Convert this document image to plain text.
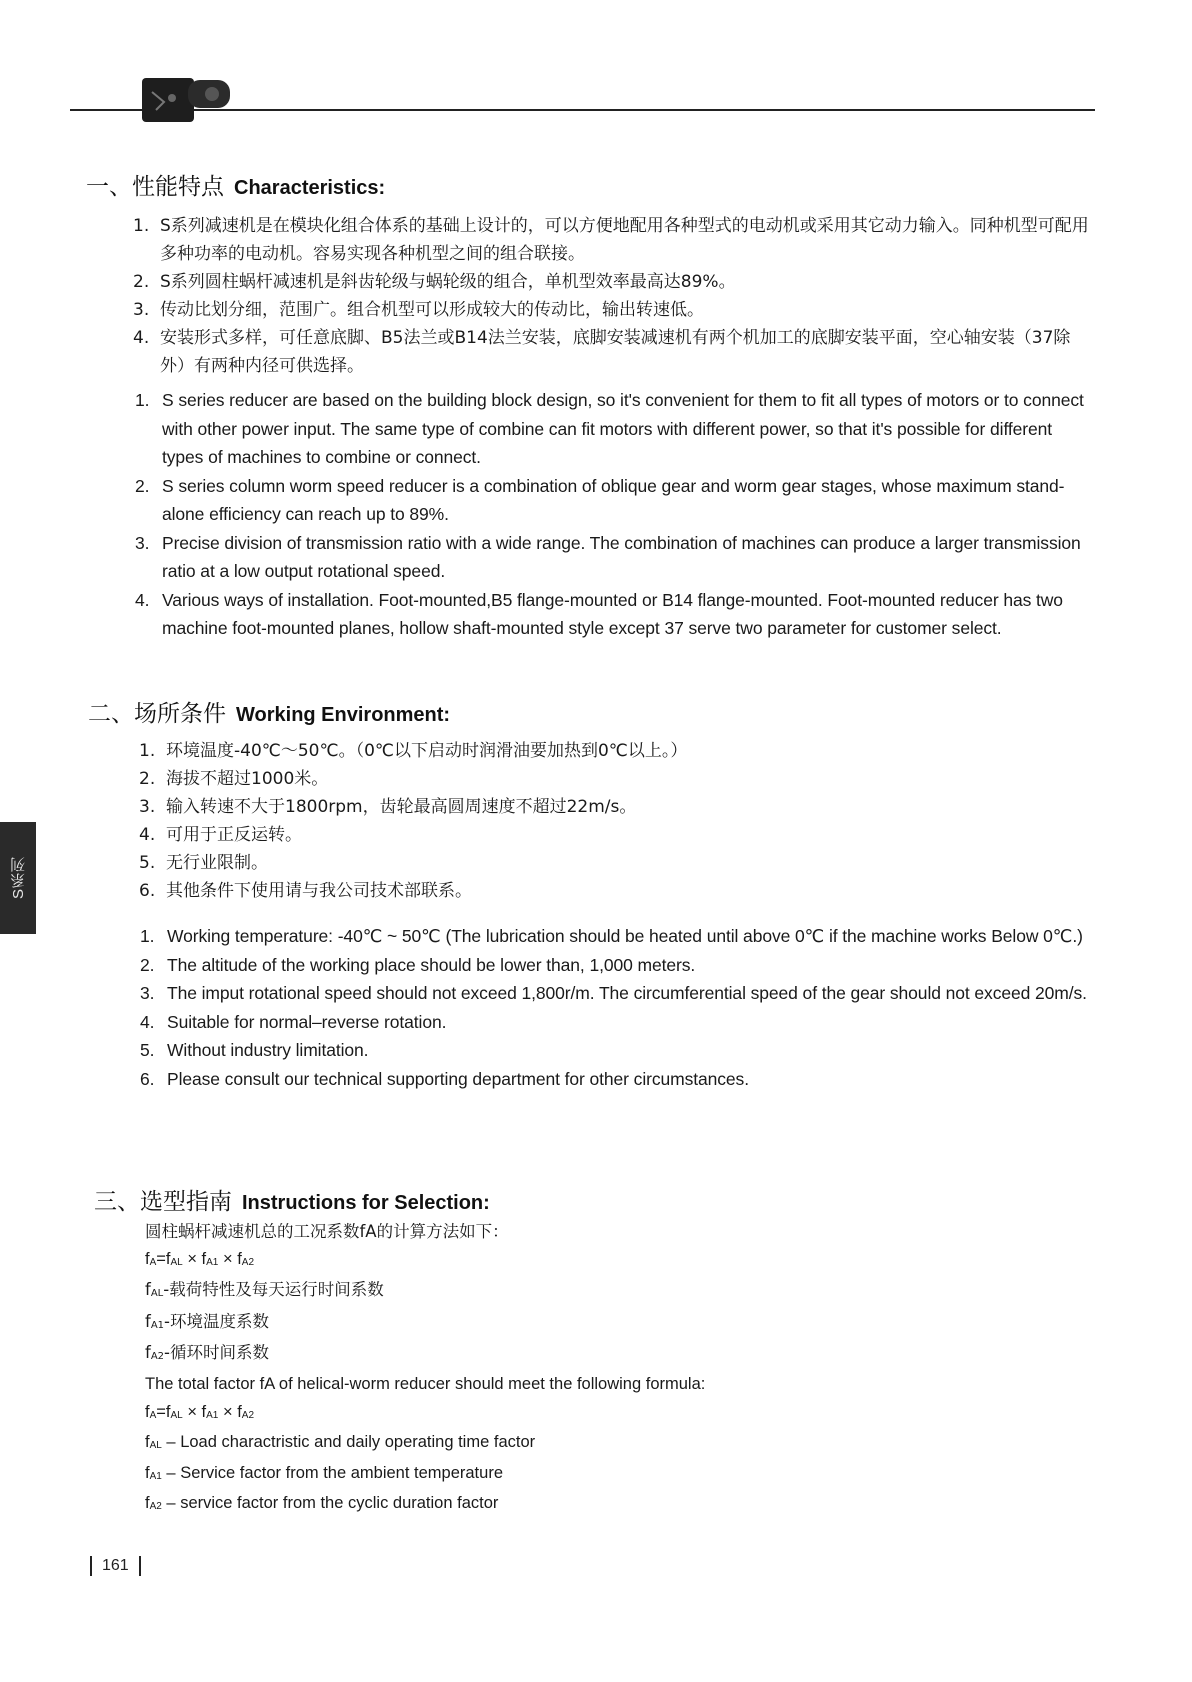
S系列
一、性能特点 Characteristics:
1. S系列减速机是在模块化组合体系的基础上设计的，可以方便地配用各种型式的电动机或采用其它动力输入。同种机型可配用多种功率的电动机。容易实现各种机型之间的组合联接。
2. S系列圆柱蜗杆减速机是斜齿轮级与蜗轮级的组合，单机型效率最高达89%。
3. 传动比划分细，范围广。组合机型可以形成较大的传动比，输出转速低。
4. 安装形式多样，可任意底脚、B5法兰或B14法兰安装，底脚安装减速机有两个机加工的底脚安装平面，空心轴安装（37除外）有两种内径可供选择。
1. S series reducer are based on the building block design, so it's convenient for them to fit all types of motors or to connect with other power input. The same type of combine can fit motors with different power, so that it's possible for different types of machines to combine or connect.
2. S series column worm speed reducer is a combination of oblique gear and worm gear stages, whose maximum stand-alone efficiency can reach up to 89%.
3. Precise division of transmission ratio with a wide range. The combination of machines can produce a larger transmission ratio at a low output rotational speed.
4. Various ways of installation. Foot-mounted,B5 flange-mounted or B14 flange-mounted. Foot-mounted reducer has two machine foot-mounted planes, hollow shaft-mounted style except 37 serve two parameter for customer select.
二、场所条件 Working Environment:
1. 环境温度-40℃～50℃。（0℃以下启动时润滑油要加热到0℃以上。）
2. 海拔不超过1000米。
3. 输入转速不大于1800rpm，齿轮最高圆周速度不超过22m/s。
4. 可用于正反运转。
5. 无行业限制。
6. 其他条件下使用请与我公司技术部联系。
1. Working temperature: -40℃ ~ 50℃ (The lubrication should be heated until above 0℃ if the machine works Below 0℃.)
2. The altitude of the working place should be lower than, 1,000 meters.
3. The imput rotational speed should not exceed 1,800r/m. The circumferential speed of the gear should not exceed 20m/s.
4. Suitable for normal–reverse rotation.
5. Without industry limitation.
6. Please consult our technical supporting department for other circumstances.
三、选型指南 Instructions for Selection:
圆柱蜗杆减速机总的工况系数fA的计算方法如下：
$f_A=f_{AL} \times f_{A1} \times f_{A2}$
$f_{AL}-$载荷特性及每天运行时间系数
$f_{A1}-$环境温度系数
$f_{A2}-$循环时间系数
The total factor fA of helical-worm reducer should meet the following formula:
$f_A=f_{AL} \times f_{A1} \times f_{A2}$
$f_{AL}$ – Load charactristic and daily operating time factor
$f_{A1}$ – Service factor from the ambient temperature
$f_{A2}$ – service factor from the cyclic duration factor
161
